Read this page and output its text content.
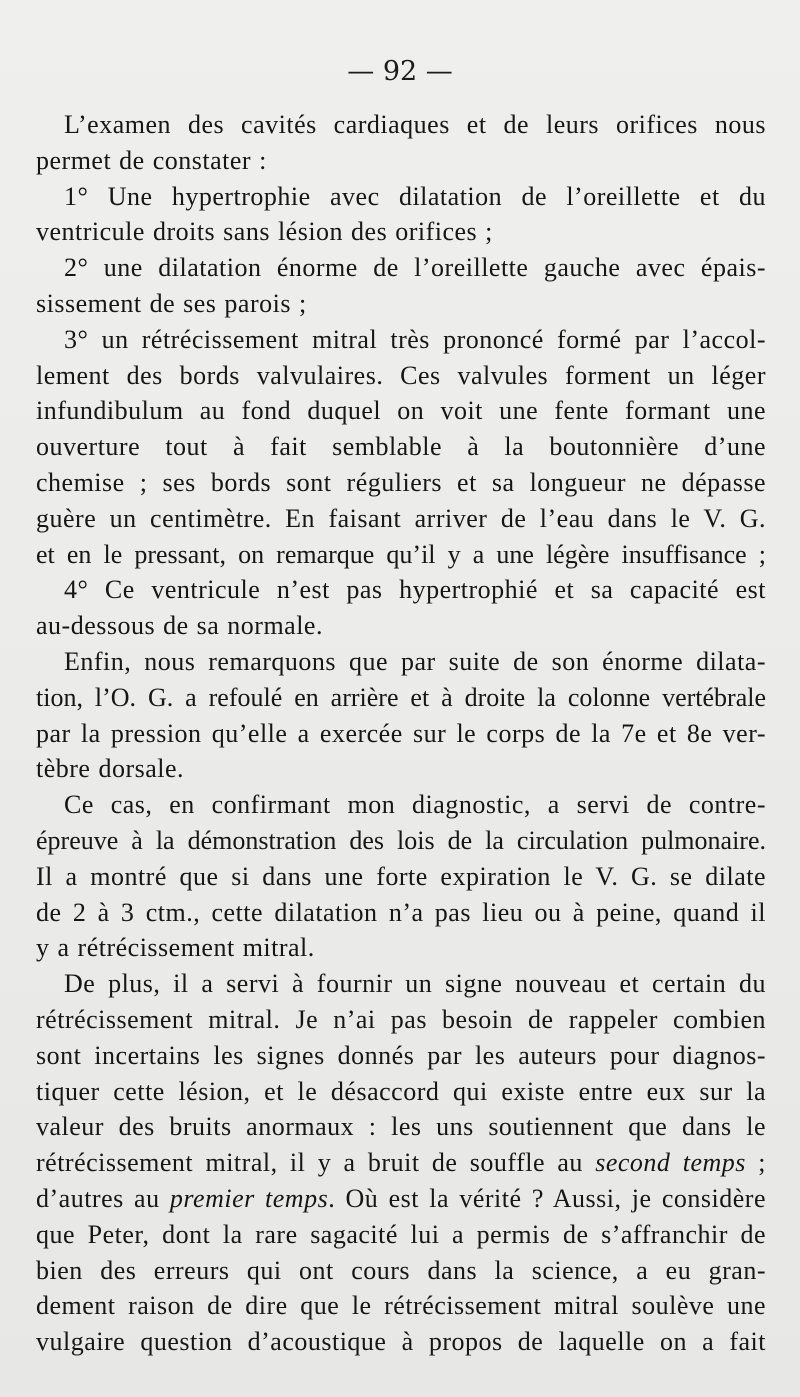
— 92 —

L’examen des cavités cardiaques et de leurs orifices nous

permet de constater :

1° Une hypertrophie avec dilatation de l’oreillette et du

ventricule droits sans lésion des orifices ;

2° une dilatation énorme de l’oreillette gauche avec épais-

sissement de ses parois ;

3° un rétrécissement mitral très prononcé formé par l’accol-

lement des bords valvulaires. Ces valvules forment un léger

infundibulum au fond duquel on voit une fente formant une

ouverture tout à fait semblable à la boutonnière d’une

chemise ; ses bords sont réguliers et sa longueur ne dépasse

guère un centimètre. En faisant arriver de l’eau dans le V. G.

et en le pressant, on remarque qu’il y a une légère insuffisance ;

4° Ce ventricule n’est pas hypertrophié et sa capacité est

au-dessous de sa normale.

Enfin, nous remarquons que par suite de son énorme dilata-

tion, l’O. G. a refoulé en arrière et à droite la colonne vertébrale

par la pression qu’elle a exercée sur le corps de la 7e et 8e ver-

tèbre dorsale.

Ce cas, en confirmant mon diagnostic, a servi de contre-

épreuve à la démonstration des lois de la circulation pulmonaire.

Il a montré que si dans une forte expiration le V. G. se dilate

de 2 à 3 ctm., cette dilatation n’a pas lieu ou à peine, quand il

y a rétrécissement mitral.

De plus, il a servi à fournir un signe nouveau et certain du

rétrécissement mitral. Je n’ai pas besoin de rappeler combien

sont incertains les signes donnés par les auteurs pour diagnos-

tiquer cette lésion, et le désaccord qui existe entre eux sur la

valeur des bruits anormaux : les uns soutiennent que dans le

rétrécissement mitral, il y a bruit de souffle au second temps ;

d’autres au premier temps. Où est la vérité ? Aussi, je considère

que Peter, dont la rare sagacité lui a permis de s’affranchir de

bien des erreurs qui ont cours dans la science, a eu gran-

dement raison de dire que le rétrécissement mitral soulève une

vulgaire question d’acoustique à propos de laquelle on a fait
